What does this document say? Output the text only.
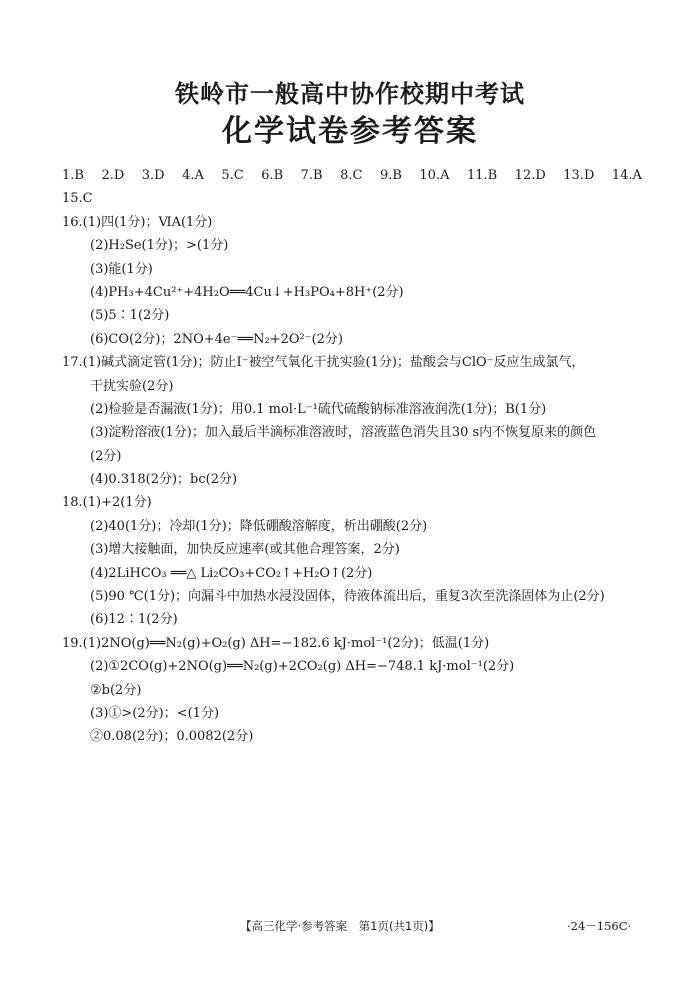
铁岭市一般高中协作校期中考试
化学试卷参考答案
1.B 2.D 3.D 4.A 5.C 6.B 7.B 8.C 9.B 10.A 11.B 12.D 13.D 14.A
15.C
16.(1)四(1分)；ⅥA(1分)
(2)H₂Se(1分)；>(1分)
(3)能(1分)
(4)PH₃+4Cu²⁺+4H₂O══4Cu↓+H₃PO₄+8H⁺(2分)
(5)5∶1(2分)
(6)CO(2分)；2NO+4e⁻══N₂+2O²⁻(2分)
17.(1)碱式滴定管(1分)；防止I⁻被空气氧化干扰实验(1分)；盐酸会与ClO⁻反应生成氯气，
干扰实验(2分)
(2)检验是否漏液(1分)；用0.1 mol·L⁻¹硫代硫酸钠标准溶液润洗(1分)；B(1分)
(3)淀粉溶液(1分)；加入最后半滴标准溶液时，溶液蓝色消失且30 s内不恢复原来的颜色
(2分)
(4)0.318(2分)；bc(2分)
18.(1)+2(1分)
(2)40(1分)；冷却(1分)；降低硼酸溶解度，析出硼酸(2分)
(3)增大接触面，加快反应速率(或其他合理答案，2分)
(4)2LiHCO₃ ══△ Li₂CO₃+CO₂↑+H₂O↑(2分)
(5)90 ℃(1分)；向漏斗中加热水浸没固体，待液体流出后，重复3次至洗涤固体为止(2分)
(6)12∶1(2分)
19.(1)2NO(g)══N₂(g)+O₂(g) ΔH=−182.6 kJ·mol⁻¹(2分)；低温(1分)
(2)①2CO(g)+2NO(g)══N₂(g)+2CO₂(g) ΔH=−748.1 kJ·mol⁻¹(2分)
②b(2分)
(3)①>(2分)；<(1分)
②0.08(2分)；0.0082(2分)
【高三化学·参考答案　第1页(共1页)】	·24－156C·
